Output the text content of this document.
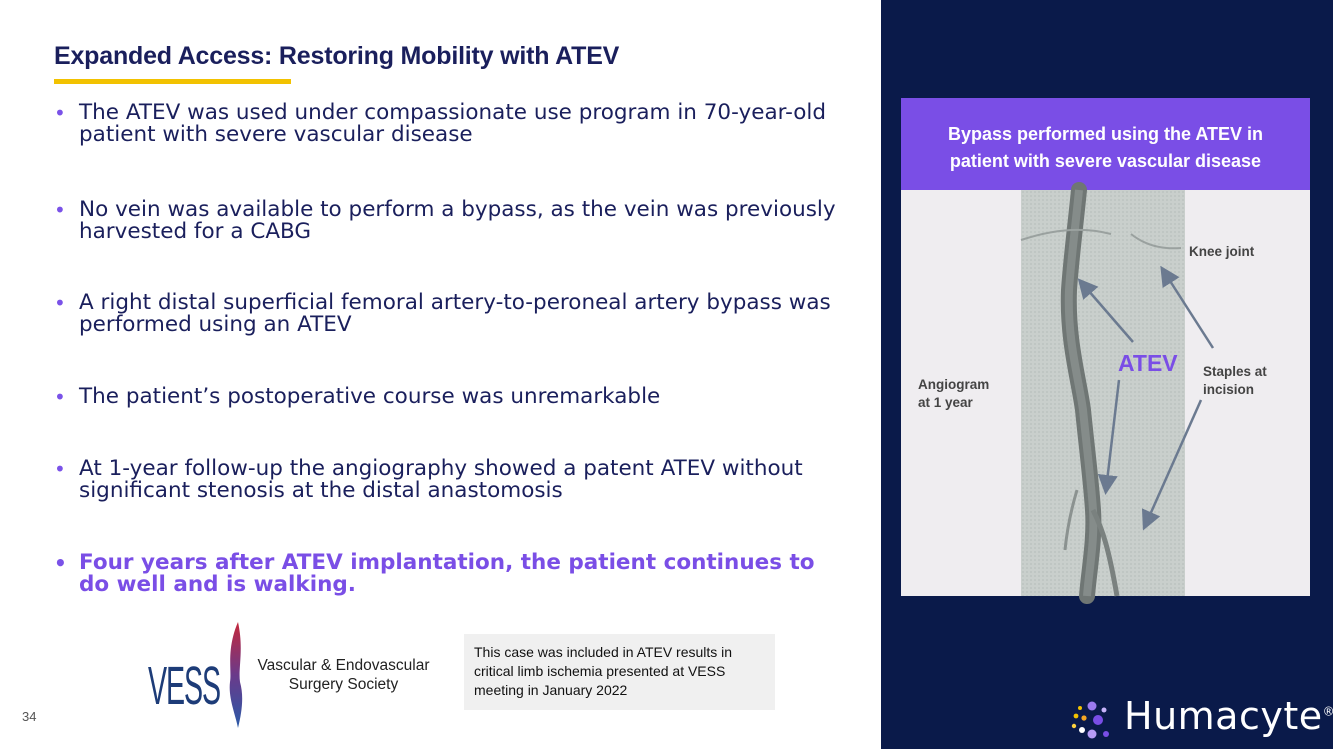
Expanded Access: Restoring Mobility with ATEV
• The ATEV was used under compassionate use program in 70-year-old patient with severe vascular disease
• No vein was available to perform a bypass, as the vein was previously harvested for a CABG
• A right distal superficial femoral artery-to-peroneal artery bypass was performed using an ATEV
• The patient’s postoperative course was unremarkable
• At 1-year follow-up the angiography showed a patent ATEV without significant stenosis at the distal anastomosis
• Four years after ATEV implantation, the patient continues to do well and is walking.
34
VESS Vascular & Endovascular
Surgery Society
This case was included in ATEV results in critical limb ischemia presented at VESS meeting in January 2022
Bypass performed using the ATEV in
patient with severe vascular disease
Knee joint
Staples at
incision
Angiogram
at 1 year
ATEV
Humacyte®
